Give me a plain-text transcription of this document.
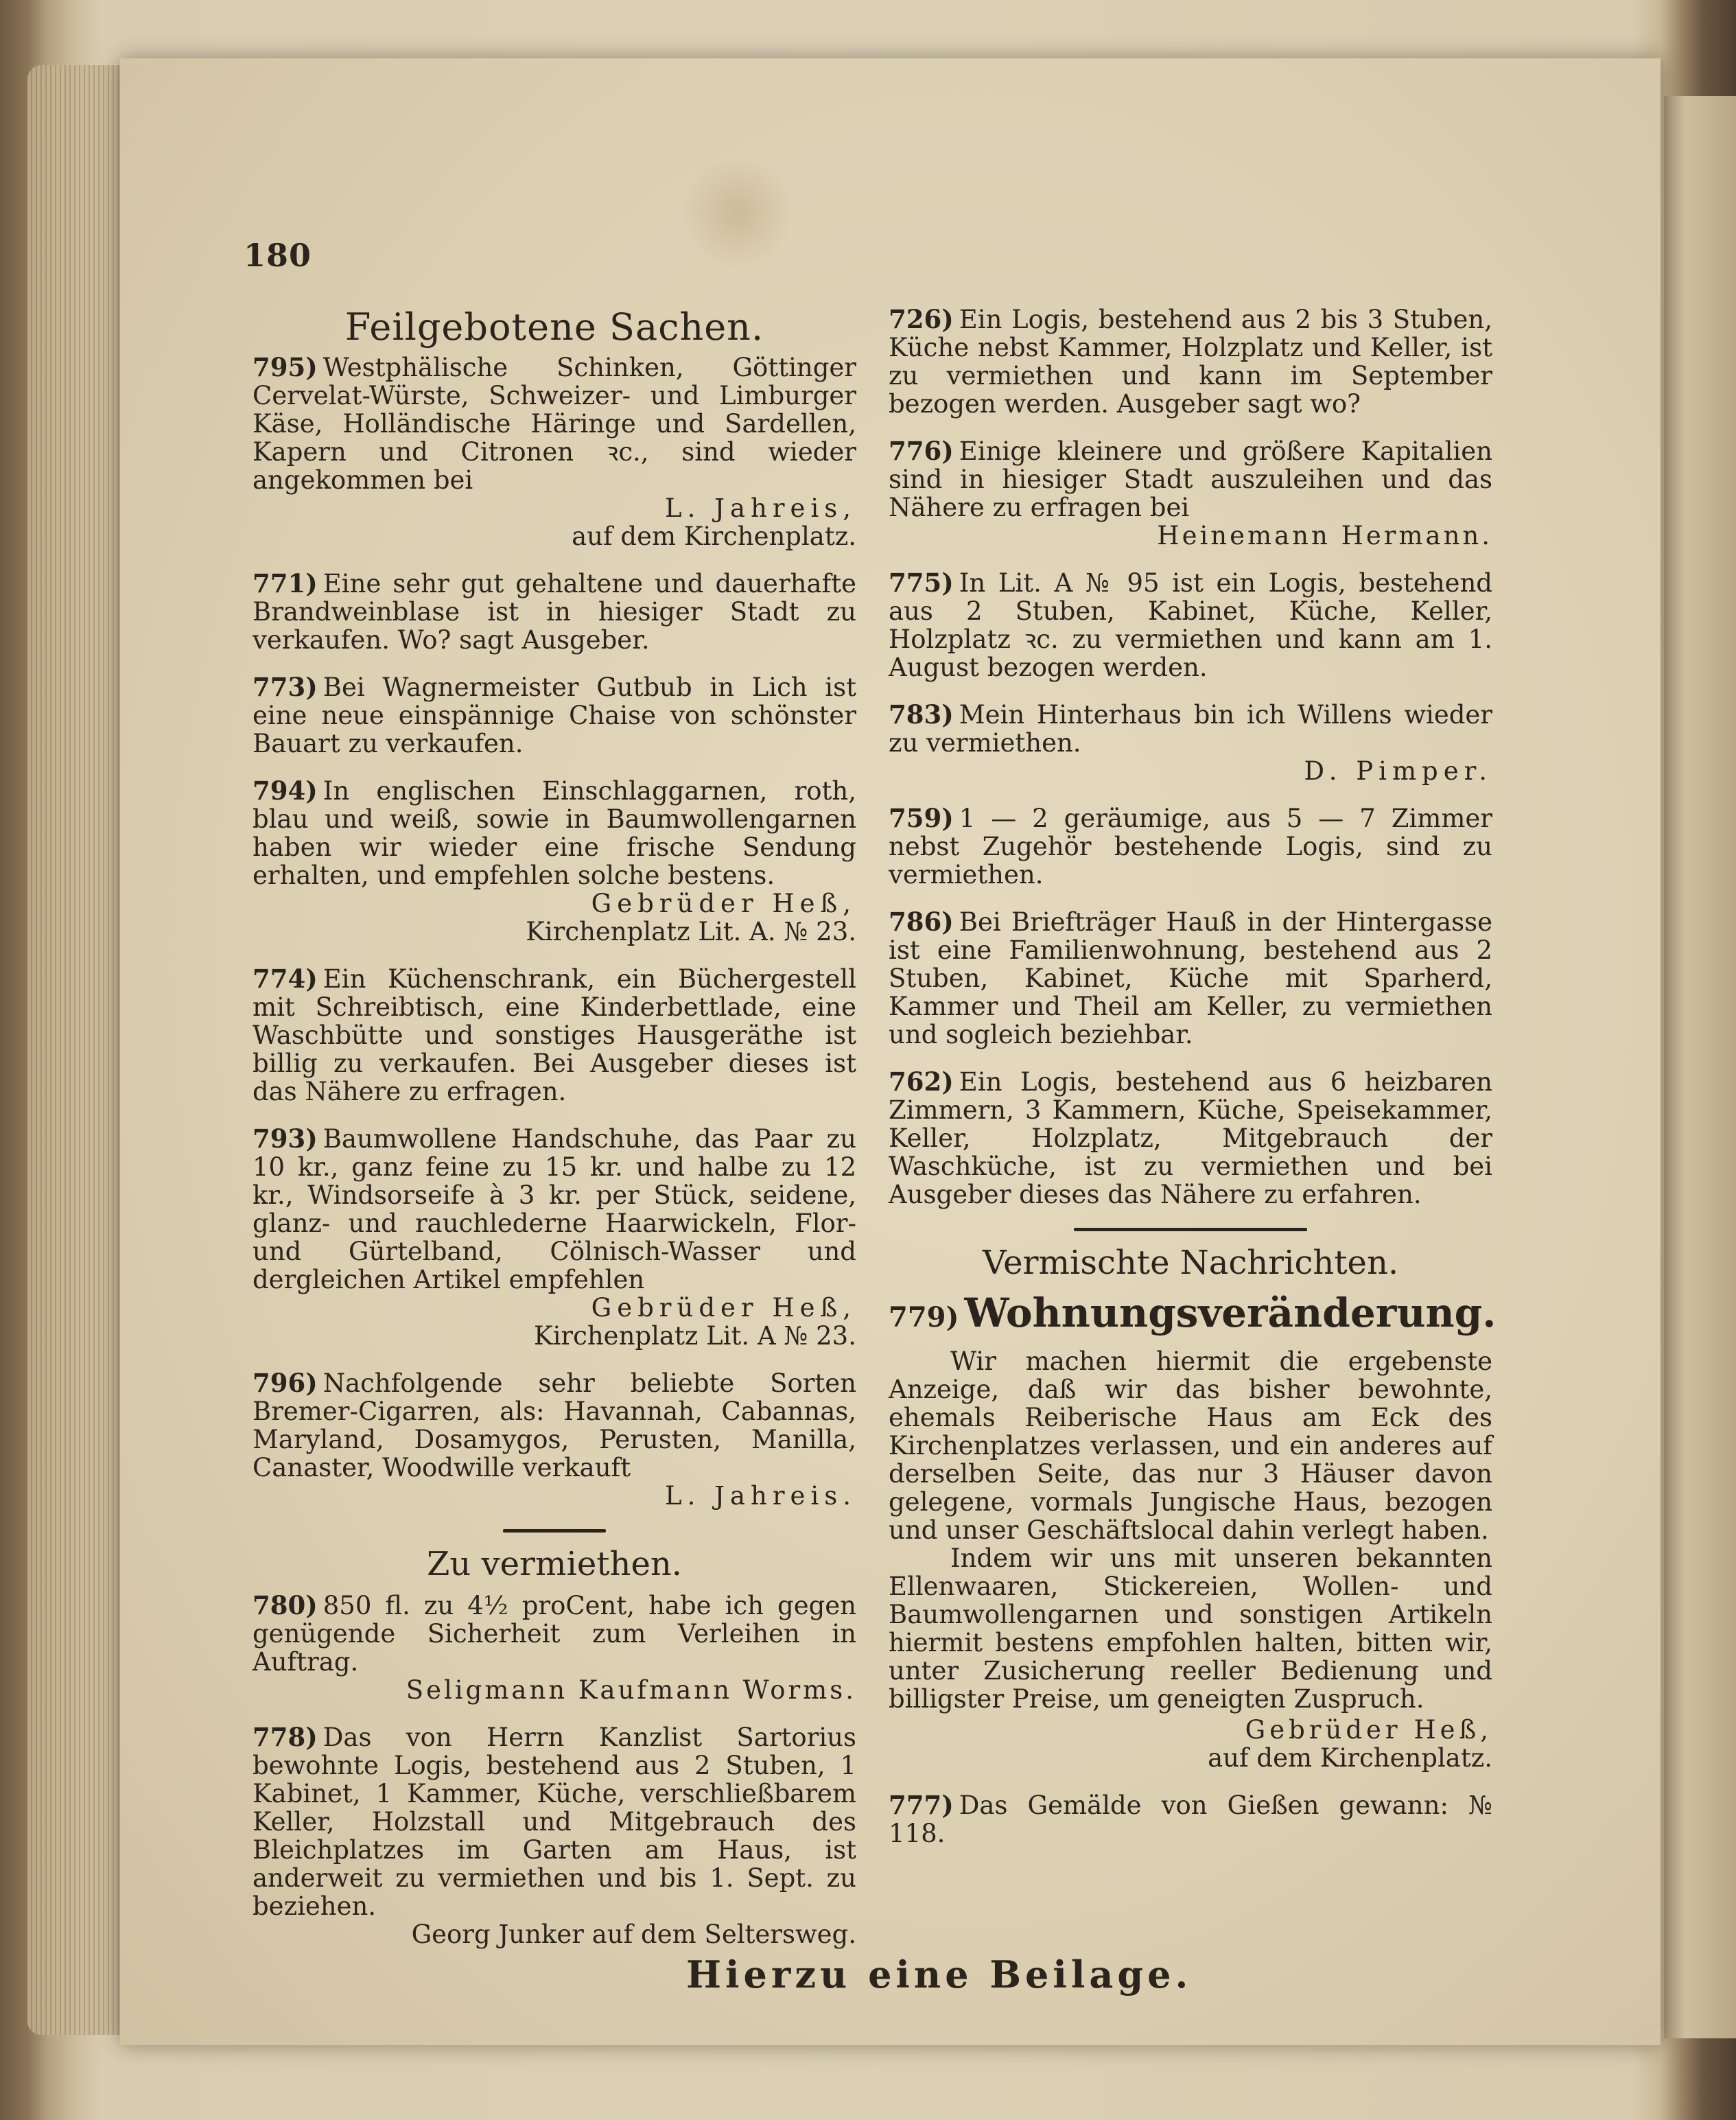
180
Feilgebotene Sachen.
795) Westphälische Schinken, Göttinger Cervelat-Würste, Schweizer- und Limburger Käse, Holländische Häringe und Sardellen, Kapern und Citronen ꝛc., sind wieder angekommen bei
L. Jahreis,
auf dem Kirchenplatz.
771) Eine sehr gut gehaltene und dauerhafte Brandweinblase ist in hiesiger Stadt zu verkaufen. Wo? sagt Ausgeber.
773) Bei Wagnermeister Gutbub in Lich ist eine neue einspännige Chaise von schönster Bauart zu verkaufen.
794) In englischen Einschlaggarnen, roth, blau und weiß, sowie in Baumwollengarnen haben wir wieder eine frische Sendung erhalten, und empfehlen solche bestens.
Gebrüder Heß,
Kirchenplatz Lit. A. № 23.
774) Ein Küchenschrank, ein Büchergestell mit Schreibtisch, eine Kinderbettlade, eine Waschbütte und sonstiges Hausgeräthe ist billig zu verkaufen. Bei Ausgeber dieses ist das Nähere zu erfragen.
793) Baumwollene Handschuhe, das Paar zu 10 kr., ganz feine zu 15 kr. und halbe zu 12 kr., Windsorseife à 3 kr. per Stück, seidene, glanz- und rauchlederne Haarwickeln, Flor- und Gürtelband, Cölnisch-Wasser und dergleichen Artikel empfehlen
Gebrüder Heß,
Kirchenplatz Lit. A № 23.
796) Nachfolgende sehr beliebte Sorten Bremer-Cigarren, als: Havannah, Cabannas, Maryland, Dosamygos, Perusten, Manilla, Canaster, Woodwille verkauft
L. Jahreis.
Zu vermiethen.
780) 850 fl. zu 4½ proCent, habe ich gegen genügende Sicherheit zum Verleihen in Auftrag.
Seligmann Kaufmann Worms.
778) Das von Herrn Kanzlist Sartorius bewohnte Logis, bestehend aus 2 Stuben, 1 Kabinet, 1 Kammer, Küche, verschließbarem Keller, Holzstall und Mitgebrauch des Bleichplatzes im Garten am Haus, ist anderweit zu vermiethen und bis 1. Sept. zu beziehen.
Georg Junker auf dem Seltersweg.
726) Ein Logis, bestehend aus 2 bis 3 Stuben, Küche nebst Kammer, Holzplatz und Keller, ist zu vermiethen und kann im September bezogen werden. Ausgeber sagt wo?
776) Einige kleinere und größere Kapitalien sind in hiesiger Stadt auszuleihen und das Nähere zu erfragen bei
Heinemann Hermann.
775) In Lit. A № 95 ist ein Logis, bestehend aus 2 Stuben, Kabinet, Küche, Keller, Holzplatz ꝛc. zu vermiethen und kann am 1. August bezogen werden.
783) Mein Hinterhaus bin ich Willens wieder zu vermiethen.
D. Pimper.
759) 1 — 2 geräumige, aus 5 — 7 Zimmer nebst Zugehör bestehende Logis, sind zu vermiethen.
786) Bei Briefträger Hauß in der Hintergasse ist eine Familienwohnung, bestehend aus 2 Stuben, Kabinet, Küche mit Sparherd, Kammer und Theil am Keller, zu vermiethen und sogleich beziehbar.
762) Ein Logis, bestehend aus 6 heizbaren Zimmern, 3 Kammern, Küche, Speisekammer, Keller, Holzplatz, Mitgebrauch der Waschküche, ist zu vermiethen und bei Ausgeber dieses das Nähere zu erfahren.
Vermischte Nachrichten.
779) Wohnungsveränderung.
Wir machen hiermit die ergebenste Anzeige, daß wir das bisher bewohnte, ehemals Reiberische Haus am Eck des Kirchenplatzes verlassen, und ein anderes auf derselben Seite, das nur 3 Häuser davon gelegene, vormals Jungische Haus, bezogen und unser Geschäftslocal dahin verlegt haben.
Indem wir uns mit unseren bekannten Ellenwaaren, Stickereien, Wollen- und Baumwollengarnen und sonstigen Artikeln hiermit bestens empfohlen halten, bitten wir, unter Zusicherung reeller Bedienung und billigster Preise, um geneigten Zuspruch.
Gebrüder Heß,
auf dem Kirchenplatz.
777) Das Gemälde von Gießen gewann: № 118.
Hierzu eine Beilage.
